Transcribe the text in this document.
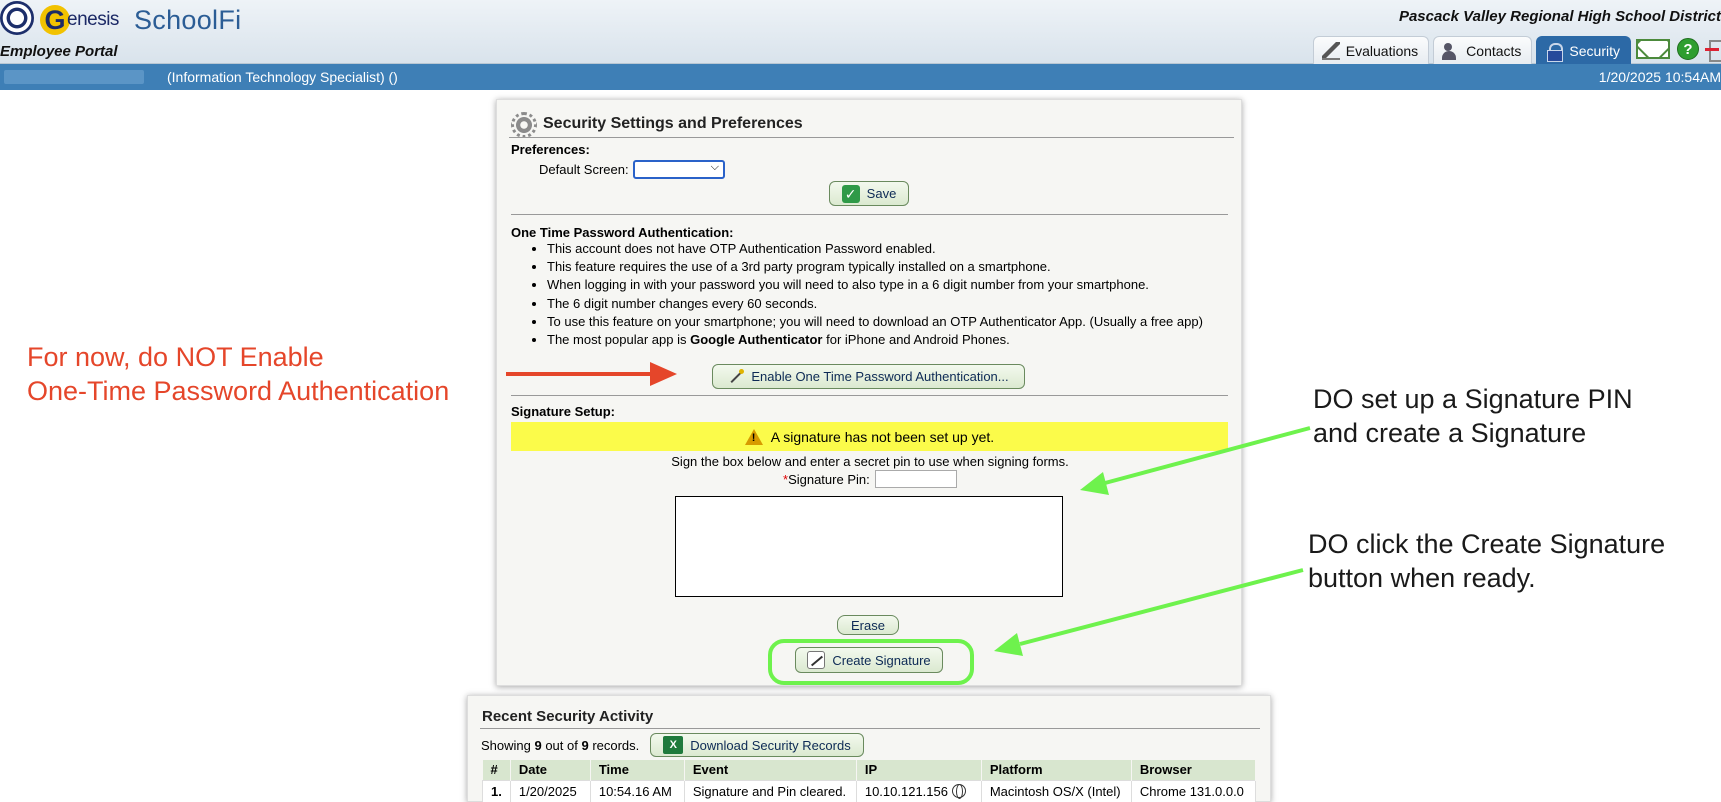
G enesis SchoolFi
Employee Portal
Pascack Valley Regional High School District
Evaluations	Contacts	Security	?
(Information Technology Specialist) ()	1/20/2025 10:54AM
Security Settings and Preferences
Preferences:
Default Screen:	⌵
✓ Save
One Time Password Authentication:
• This account does not have OTP Authentication Password enabled.
• This feature requires the use of a 3rd party program typically installed on a smartphone.
• When logging in with your password you will need to also type in a 6 digit number from your smartphone.
• The 6 digit number changes every 60 seconds.
• To use this feature on your smartphone; you will need to download an OTP Authenticator App. (Usually a free app)
• The most popular app is Google Authenticator for iPhone and Android Phones.
Enable One Time Password Authentication...
Signature Setup:
! A signature has not been set up yet.
Sign the box below and enter a secret pin to use when signing forms.
*Signature Pin:
Erase
Create Signature
Recent Security Activity
Showing 9 out of 9 records.	X	Download Security Records
#	Date	Time	Event	IP	Platform	Browser
1.	1/20/2025	10:54.16 AM	Signature and Pin cleared.	10.10.121.156	Macintosh OS/X (Intel)	Chrome 131.0.0.0
For now, do NOT Enable
One-Time Password Authentication	DO set up a Signature PIN
and create a Signature
DO click the Create Signature
button when ready.
